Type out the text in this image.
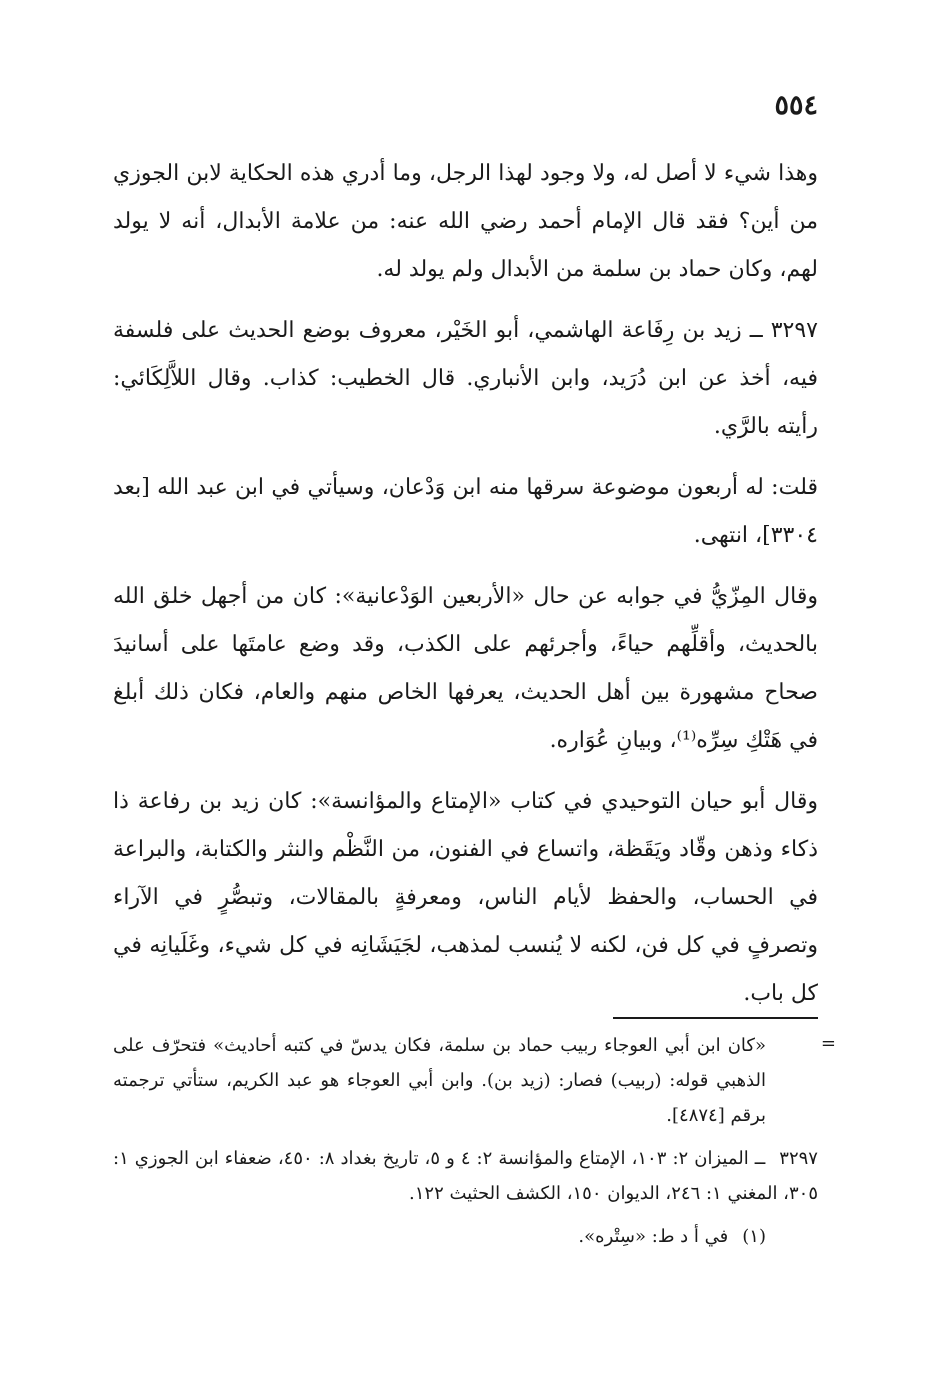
٥٥٤

وهذا شيء لا أصل له، ولا وجود لهذا الرجل، وما أدري هذه الحكاية لابن الجوزي من أين؟ فقد قال الإمام أحمد رضي الله عنه: من علامة الأبدال، أنه لا يولد لهم، وكان حماد بن سلمة من الأبدال ولم يولد له.

٣٢٩٧ ــ زيد بن رِفَاعة الهاشمي، أبو الخَيْر، معروف بوضع الحديث على فلسفة فيه، أخذ عن ابن دُرَيد، وابن الأنباري. قال الخطيب: كذاب. وقال اللاَّلِكَائي: رأيته بالرَّي.

قلت: له أربعون موضوعة سرقها منه ابن وَدْعان، وسيأتي في ابن عبد الله [بعد ٣٣٠٤]، انتهى.

وقال المِزّيُّ في جوابه عن حال «الأربعين الوَدْعانية»: كان من أجهل خلق الله بالحديث، وأقلِّهم حياءً، وأجرئهم على الكذب، وقد وضع عامتَها على أسانيدَ صحاح مشهورة بين أهل الحديث، يعرفها الخاص منهم والعام، فكان ذلك أبلغ في هَتْكِ سِرِّه⁽¹⁾، وبيانِ عُوَاره.

وقال أبو حيان التوحيدي في كتاب «الإمتاع والمؤانسة»: كان زيد بن رفاعة ذا ذكاء وذهن وقّاد ويَقَظة، واتساع في الفنون، من النَّظْم والنثر والكتابة، والبراعة في الحساب، والحفظ لأيام الناس، ومعرفةٍ بالمقالات، وتبصُّرٍ في الآراء وتصرفٍ في كل فن، لكنه لا يُنسب لمذهب، لجَيَشَانِه في كل شيء، وغَلَيانِه في كل باب.

=

«كان ابن أبي العوجاء ربيب حماد بن سلمة، فكان يدسّ في كتبه أحاديث» فتحرّف على الذهبي قوله: (ربيب) فصار: (زيد بن). وابن أبي العوجاء هو عبد الكريم، ستأتي ترجمته برقم [٤٨٧٤].

٣٢٩٧ــ الميزان ٢: ١٠٣، الإمتاع والمؤانسة ٢: ٤ و ٥، تاريخ بغداد ٨: ٤٥٠، ضعفاء ابن الجوزي ١: ٣٠٥، المغني ١: ٢٤٦، الديوان ١٥٠، الكشف الحثيث ١٢٢.

(١)في أ د ط: «سِتْره».
